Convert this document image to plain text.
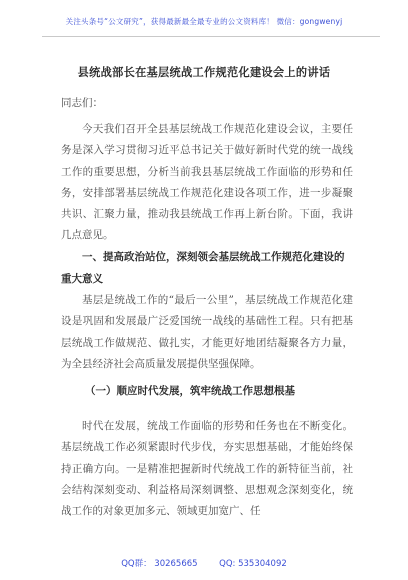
关注头条号“公文研究”，获得最新最全最专业的公文资料库！ 微信：gongwenyj
县统战部长在基层统战工作规范化建设会上的讲话
同志们：

今天我们召开全县基层统战工作规范化建设会议，主要任务是深入学习贯彻习近平总书记关于做好新时代党的统一战线工作的重要思想，分析当前我县基层统战工作面临的形势和任务，安排部署基层统战工作规范化建设各项工作，进一步凝聚共识、汇聚力量，推动我县统战工作再上新台阶。下面，我讲几点意见。

一、提高政治站位，深刻领会基层统战工作规范化建设的重大意义

基层是统战工作的“最后一公里”，基层统战工作规范化建设是巩固和发展最广泛爱国统一战线的基础性工程。只有把基层统战工作做规范、做扎实，才能更好地团结凝聚各方力量，为全县经济社会高质量发展提供坚强保障。

（一）顺应时代发展，筑牢统战工作思想根基

时代在发展，统战工作面临的形势和任务也在不断变化。基层统战工作必须紧跟时代步伐，夯实思想基础，才能始终保持正确方向。一是精准把握新时代统战工作的新特征当前，社会结构深刻变动、利益格局深刻调整、思想观念深刻变化，统战工作的对象更加多元、领域更加宽广、任

QQ群： 30265665        QQ: 535304092
